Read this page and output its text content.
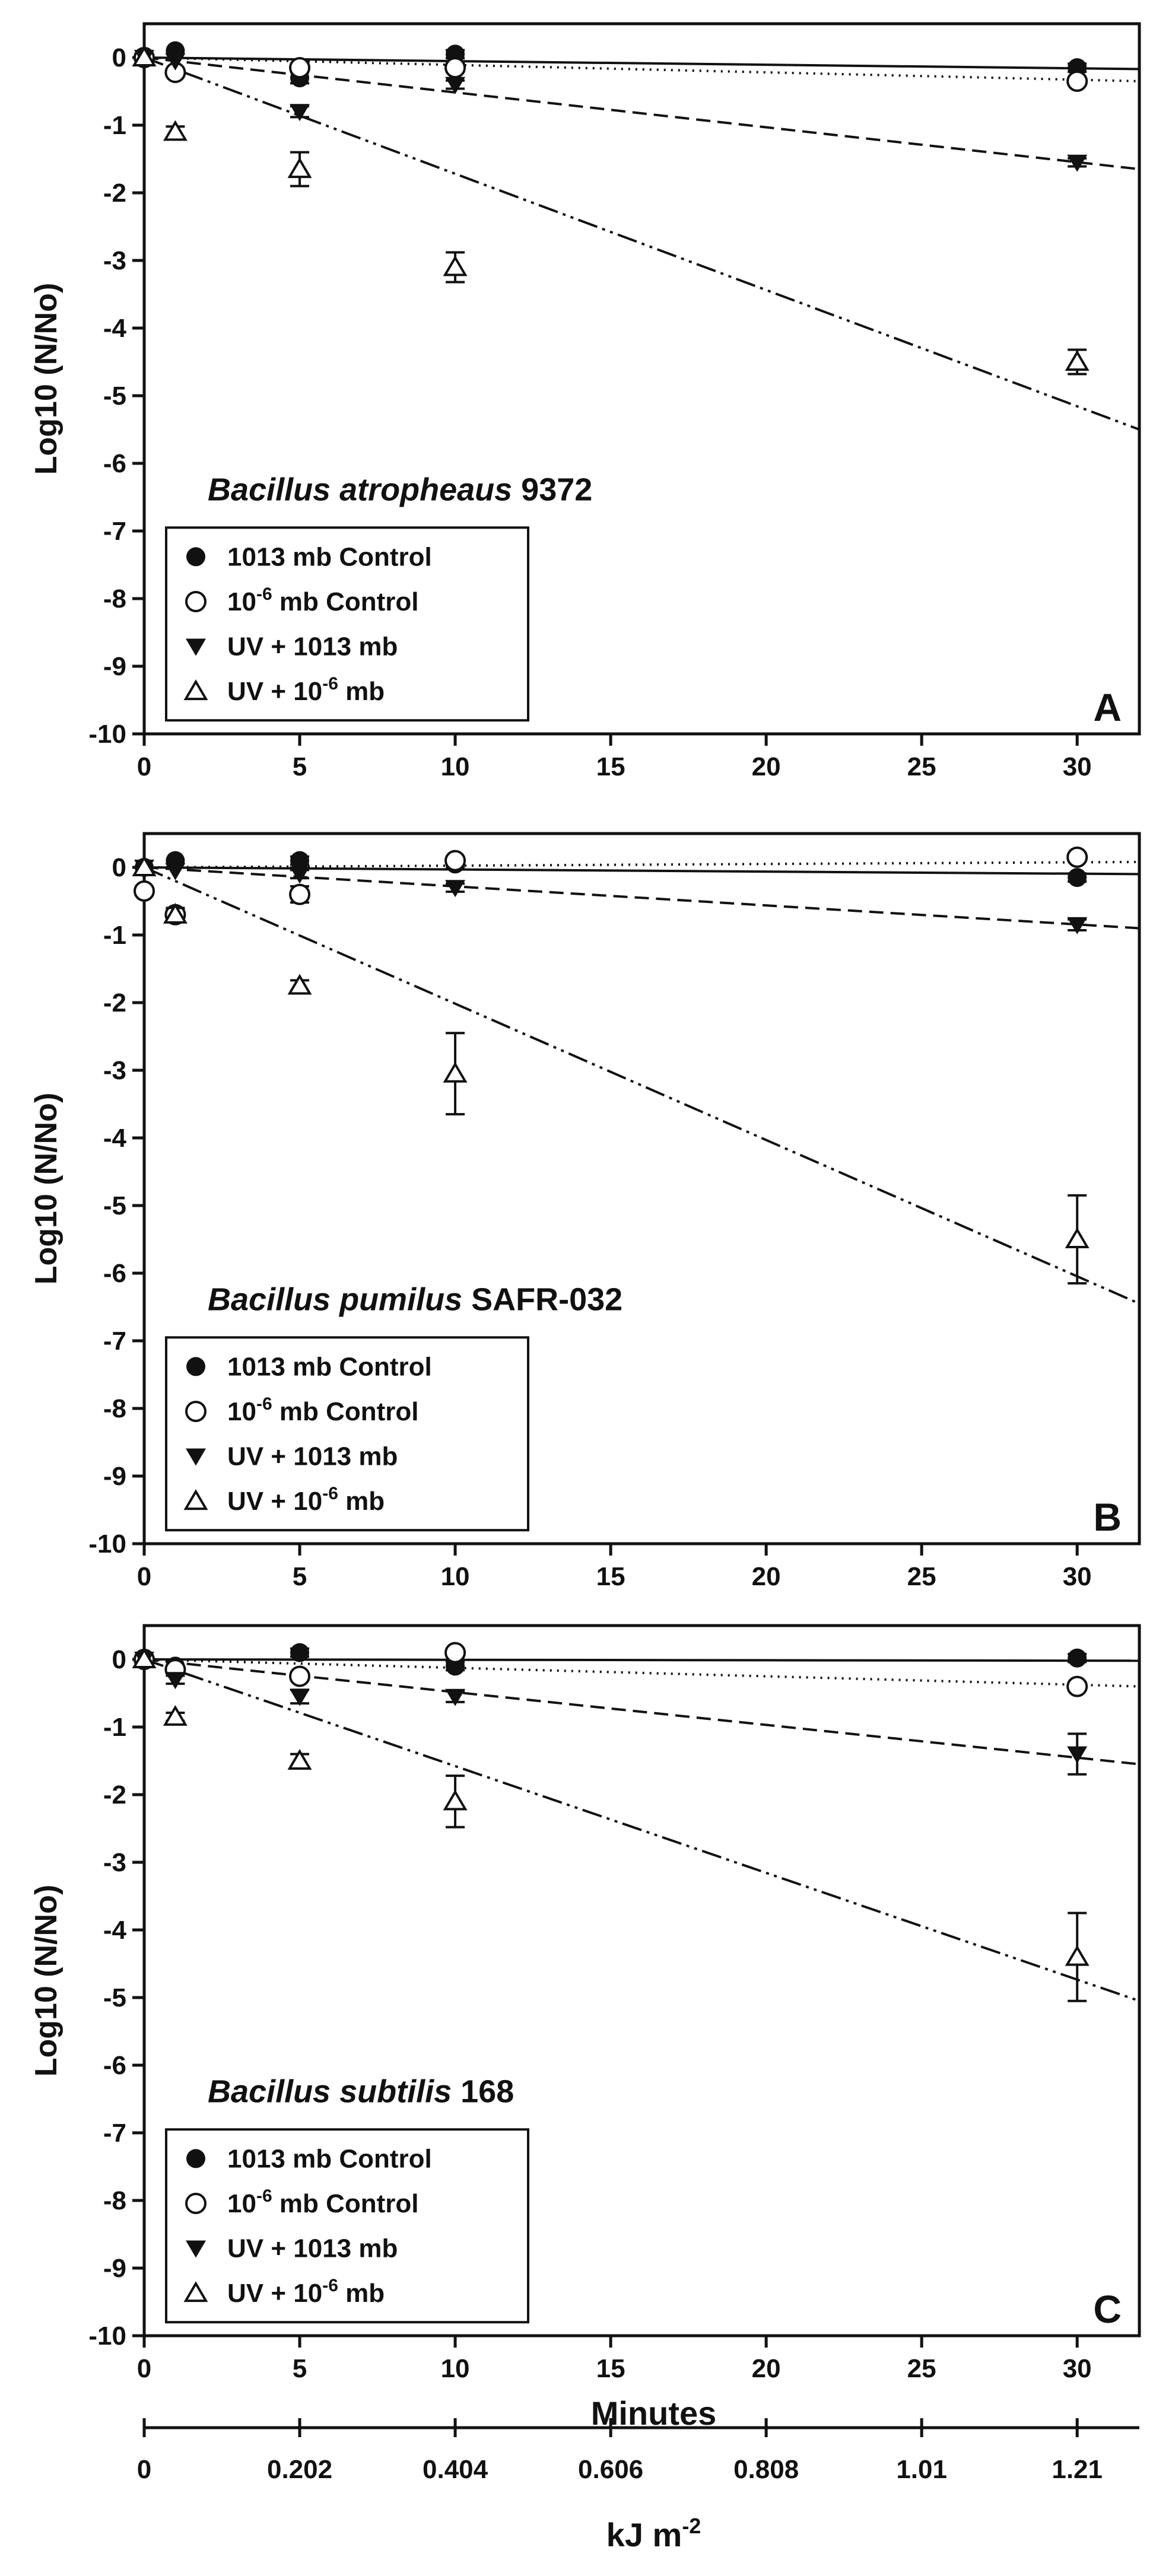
0
-1
-2
-3
-4
-5
-6
-7
-8
-9
-10
0	5	10	15	20	25	30
Log10 (N/No)
Bacillus atropheaus 9372
1013 mb Control
$10^{-6}$ mb Control
UV + 1013 mb
UV + $10^{-6}$ mb	A
0
-1
-2
-3
-4
-5
-6
-7
-8
-9
-10
0	5	10	15	20	25	30
Log10 (N/No)
Bacillus pumilus SAFR-032
1013 mb Control
$10^{-6}$ mb Control
UV + 1013 mb
UV + $10^{-6}$ mb	B
0
-1
-2
-3
-4
-5
-6
-7
-8
-9
-10
0	5	10	15	20	25	30
Log10 (N/No)
Bacillus subtilis 168
1013 mb Control
$10^{-6}$ mb Control
UV + 1013 mb
UV + $10^{-6}$ mb	C
Minutes
0	0.202	0.404	0.606	0.808	1.01	1.21
kJ $m^{-2}$
